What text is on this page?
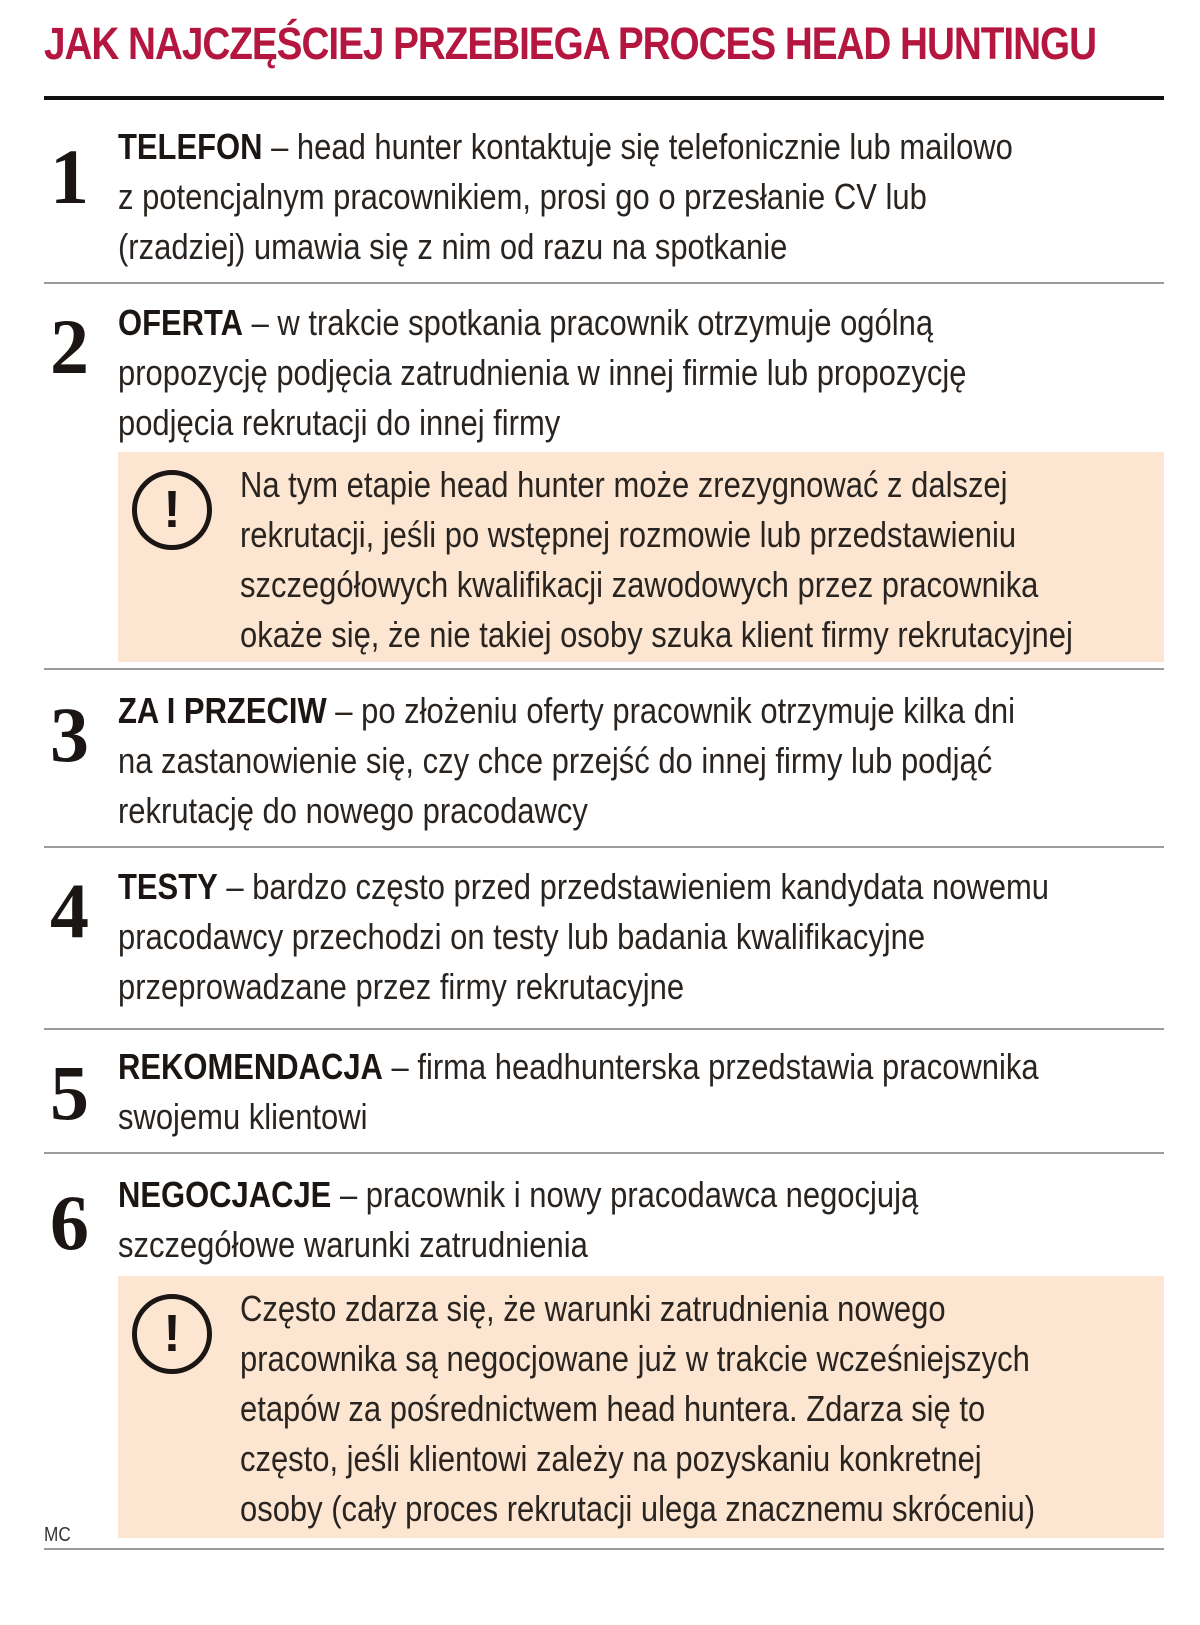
JAK NAJCZĘŚCIEJ PRZEBIEGA PROCES HEAD HUNTINGU
1 TELEFON – head hunter kontaktuje się telefonicznie lub mailowo
z potencjalnym pracownikiem, prosi go o przesłanie CV lub
(rzadziej) umawia się z nim od razu na spotkanie
2 OFERTA – w trakcie spotkania pracownik otrzymuje ogólną
propozycję podjęcia zatrudnienia w innej firmie lub propozycję
podjęcia rekrutacji do innej firmy
!	Na tym etapie head hunter może zrezygnować z dalszej
rekrutacji, jeśli po wstępnej rozmowie lub przedstawieniu
szczegółowych kwalifikacji zawodowych przez pracownika
okaże się, że nie takiej osoby szuka klient firmy rekrutacyjnej
3 ZA I PRZECIW – po złożeniu oferty pracownik otrzymuje kilka dni
na zastanowienie się, czy chce przejść do innej firmy lub podjąć
rekrutację do nowego pracodawcy
4 TESTY – bardzo często przed przedstawieniem kandydata nowemu
pracodawcy przechodzi on testy lub badania kwalifikacyjne
przeprowadzane przez firmy rekrutacyjne
5 REKOMENDACJA – firma headhunterska przedstawia pracownika
swojemu klientowi
6 NEGOCJACJE – pracownik i nowy pracodawca negocjują
szczegółowe warunki zatrudnienia
!	Często zdarza się, że warunki zatrudnienia nowego
pracownika są negocjowane już w trakcie wcześniejszych
etapów za pośrednictwem head huntera. Zdarza się to
często, jeśli klientowi zależy na pozyskaniu konkretnej
osoby (cały proces rekrutacji ulega znacznemu skróceniu)
MC
